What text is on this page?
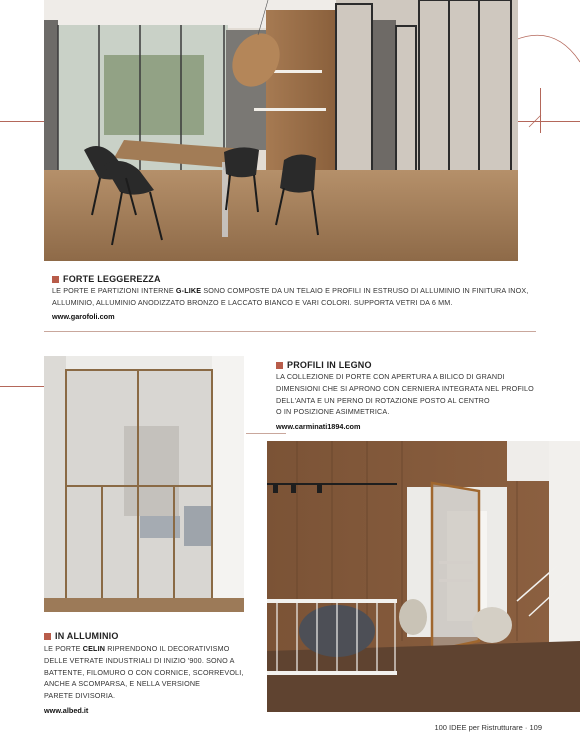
FORTE LEGGEREZZA
LE PORTE E PARTIZIONI INTERNE G-LIKE SONO COMPOSTE DA UN TELAIO E PROFILI IN ESTRUSO DI ALLUMINIO IN FINITURA INOX,
ALLUMINIO, ALLUMINIO ANODIZZATO BRONZO E LACCATO BIANCO E VARI COLORI. SUPPORTA VETRI DA 6 MM.
www.garofoli.com
PROFILI IN LEGNO
LA COLLEZIONE DI PORTE CON APERTURA A BILICO DI GRANDI
DIMENSIONI CHE SI APRONO CON CERNIERA INTEGRATA NEL PROFILO
DELL'ANTA E UN PERNO DI ROTAZIONE POSTO AL CENTRO
O IN POSIZIONE ASIMMETRICA.
www.carminati1894.com
IN ALLUMINIO
LE PORTE CELIN RIPRENDONO IL DECORATIVISMO
DELLE VETRATE INDUSTRIALI DI INIZIO '900. SONO A
BATTENTE, FILOMURO O CON CORNICE, SCORREVOLI,
ANCHE A SCOMPARSA, E NELLA VERSIONE
PARETE DIVISORIA.
www.albed.it
100 IDEE per Ristrutturare · 109
